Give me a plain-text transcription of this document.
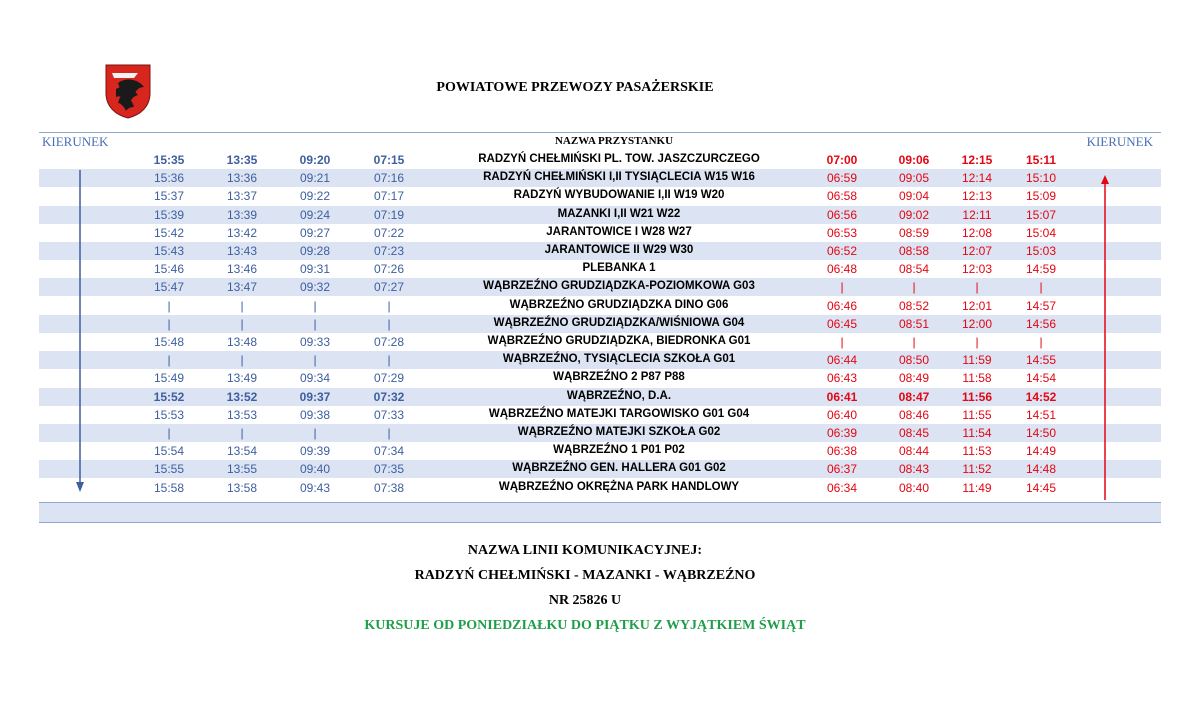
POWIATOWE PRZEWOZY PASAŻERSKIE
KIERUNEK	NAZWA PRZYSTANKU	KIERUNEK
15:35	13:35	09:20	07:15	RADZYŃ CHEŁMIŃSKI PL. TOW. JASZCZURCZEGO	07:00	09:06	12:15	15:11
15:36	13:36	09:21	07:16	RADZYŃ CHEŁMIŃSKI I,II TYSIĄCLECIA W15 W16	06:59	09:05	12:14	15:10
15:37	13:37	09:22	07:17	RADZYŃ WYBUDOWANIE I,II W19 W20	06:58	09:04	12:13	15:09
15:39	13:39	09:24	07:19	MAZANKI I,II W21 W22	06:56	09:02	12:11	15:07
15:42	13:42	09:27	07:22	JARANTOWICE I W28 W27	06:53	08:59	12:08	15:04
15:43	13:43	09:28	07:23	JARANTOWICE II W29 W30	06:52	08:58	12:07	15:03
15:46	13:46	09:31	07:26	PLEBANKA 1	06:48	08:54	12:03	14:59
15:47	13:47	09:32	07:27	WĄBRZEŹNO GRUDZIĄDZKA-POZIOMKOWA G03	|	|	|	|
|	|	|	|	WĄBRZEŹNO GRUDZIĄDZKA DINO G06	06:46	08:52	12:01	14:57
|	|	|	|	WĄBRZEŹNO GRUDZIĄDZKA/WIŚNIOWA G04	06:45	08:51	12:00	14:56
15:48	13:48	09:33	07:28	WĄBRZEŹNO GRUDZIĄDZKA, BIEDRONKA G01	|	|	|	|
|	|	|	|	WĄBRZEŹNO, TYSIĄCLECIA SZKOŁA G01	06:44	08:50	11:59	14:55
15:49	13:49	09:34	07:29	WĄBRZEŹNO 2 P87 P88	06:43	08:49	11:58	14:54
15:52	13:52	09:37	07:32	WĄBRZEŹNO, D.A.	06:41	08:47	11:56	14:52
15:53	13:53	09:38	07:33	WĄBRZEŹNO MATEJKI TARGOWISKO G01 G04	06:40	08:46	11:55	14:51
|	|	|	|	WĄBRZEŹNO MATEJKI SZKOŁA G02	06:39	08:45	11:54	14:50
15:54	13:54	09:39	07:34	WĄBRZEŹNO 1 P01 P02	06:38	08:44	11:53	14:49
15:55	13:55	09:40	07:35	WĄBRZEŹNO GEN. HALLERA G01 G02	06:37	08:43	11:52	14:48
15:58	13:58	09:43	07:38	WĄBRZEŹNO OKRĘŻNA PARK HANDLOWY	06:34	08:40	11:49	14:45
NAZWA LINII KOMUNIKACYJNEJ:
RADZYŃ CHEŁMIŃSKI - MAZANKI - WĄBRZEŹNO
NR 25826 U
KURSUJE OD PONIEDZIAŁKU DO PIĄTKU Z WYJĄTKIEM ŚWIĄT
